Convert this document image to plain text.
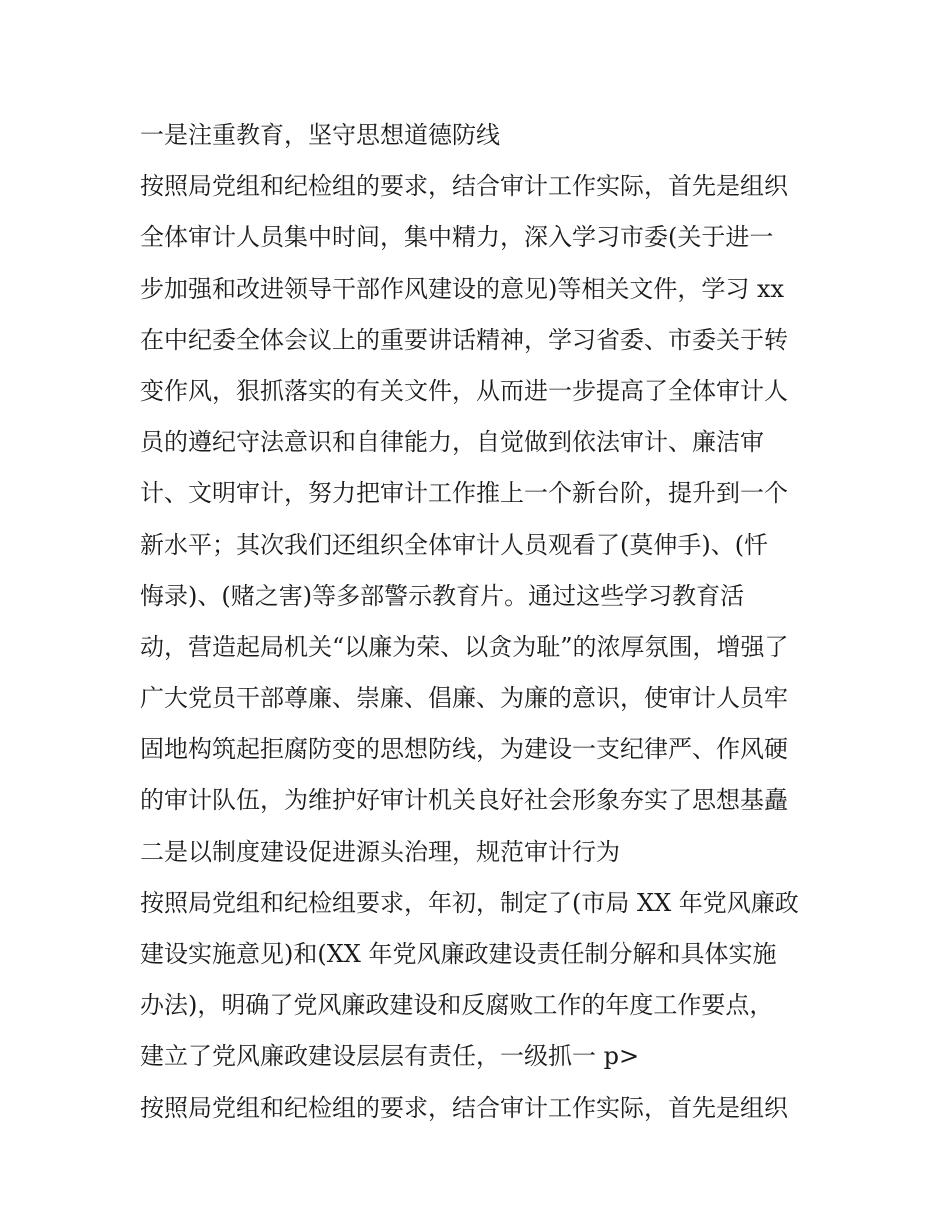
一是注重教育，坚守思想道德防线
按照局党组和纪检组的要求，结合审计工作实际，首先是组织
全体审计人员集中时间，集中精力，深入学习市委(关于进一
步加强和改进领导干部作风建设的意见)等相关文件，学习 xx
在中纪委全体会议上的重要讲话精神，学习省委、市委关于转
变作风，狠抓落实的有关文件，从而进一步提高了全体审计人
员的遵纪守法意识和自律能力，自觉做到依法审计、廉洁审
计、文明审计，努力把审计工作推上一个新台阶，提升到一个
新水平；其次我们还组织全体审计人员观看了(莫伸手)、(忏
悔录)、(赌之害)等多部警示教育片。通过这些学习教育活
动，营造起局机关“以廉为荣、以贪为耻”的浓厚氛围，增强了
广大党员干部尊廉、崇廉、倡廉、为廉的意识，使审计人员牢
固地构筑起拒腐防变的思想防线，为建设一支纪律严、作风硬
的审计队伍，为维护好审计机关良好社会形象夯实了思想基矗
二是以制度建设促进源头治理，规范审计行为
按照局党组和纪检组要求，年初，制定了(市局 XX 年党风廉政
建设实施意见)和(XX 年党风廉政建设责任制分解和具体实施
办法)，明确了党风廉政建设和反腐败工作的年度工作要点，
建立了党风廉政建设层层有责任，一级抓一 p>
按照局党组和纪检组的要求，结合审计工作实际，首先是组织
